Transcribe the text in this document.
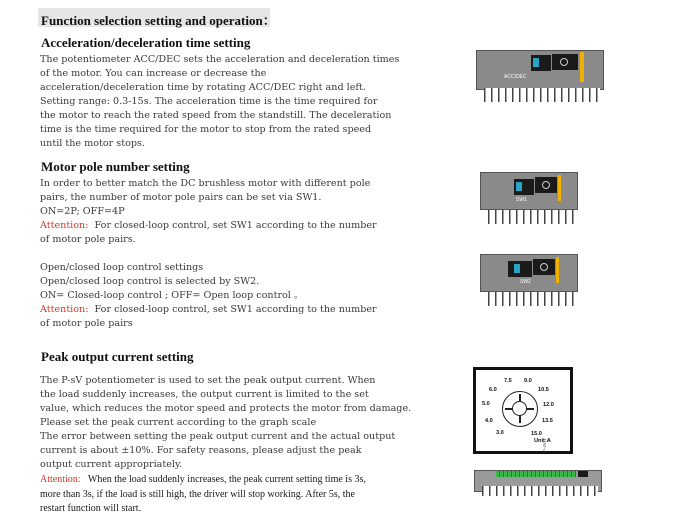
Function selection setting and operation：
Acceleration/deceleration time setting
The potentiometer ACC/DEC sets the acceleration and deceleration times
of the motor. You can increase or decrease the
acceleration/deceleration time by rotating ACC/DEC right and left.
Setting range: 0.3-15s. The acceleration time is the time required for
the motor to reach the rated speed from the standstill. The deceleration
time is the time required for the motor to stop from the rated speed
until the motor stops.
Motor pole number setting
In order to better match the DC brushless motor with different pole
pairs, the number of motor pole pairs can be set via SW1.
ON=2P; OFF=4P
Attention: For closed-loop control, set SW1 according to the number
of motor pole pairs.
Open/closed loop control settings
Open/closed loop control is selected by SW2.
ON= Closed-loop control ; OFF= Open loop control 。
Attention: For closed-loop control, set SW1 according to the number
of motor pole pairs
Peak output current setting
The P-sV potentiometer is used to set the peak output current. When
the load suddenly increases, the output current is limited to the set
value, which reduces the motor speed and protects the motor from damage.
Please set the peak current according to the graph scale
The error between setting the peak output current and the actual output
current is about ±10%. For safety reasons, please adjust the peak
output current appropriately.
Attention: When the load suddenly increases, the peak current setting time is 3s,
more than 3s, if the load is still high, the driver will stop working. After 5s, the
restart function will start.
ACC/DEC
SW1
SW2
7.5 9.0
6.0	10.5
5.0	12.0
4.0	13.5
3.0	15.0
Unit:A
P-sV
